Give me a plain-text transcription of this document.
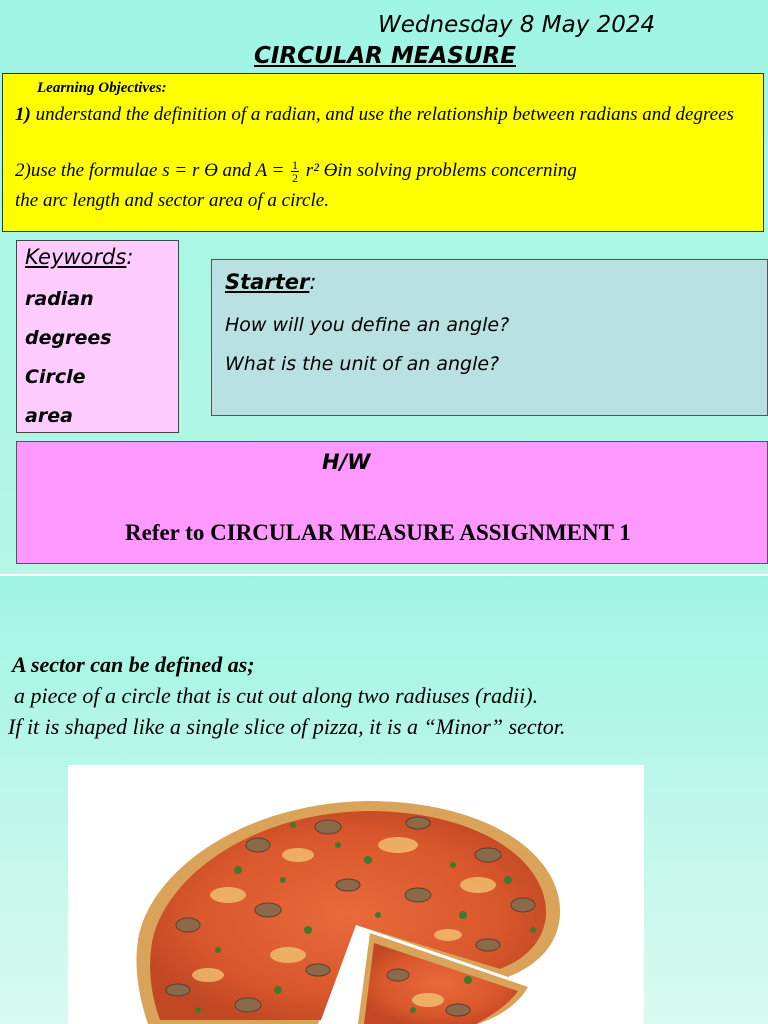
Wednesday 8 May 2024
CIRCULAR MEASURE
Learning Objectives:
1) understand the definition of a radian, and use the relationship between radians and degrees
2)use the formulae s = r ϴ and $A = \frac{1}{2} r^2$ ϴin solving problems concerning
the arc length and sector area of a circle.
Keywords:
radian
degrees
Circle
area
Starter:
How will you define an angle?
What is the unit of an angle?
H/W
Refer to CIRCULAR MEASURE ASSIGNMENT 1
A sector can be defined as;
a piece of a circle that is cut out along two radiuses (radii).
If it is shaped like a single slice of pizza, it is a “Minor” sector.
